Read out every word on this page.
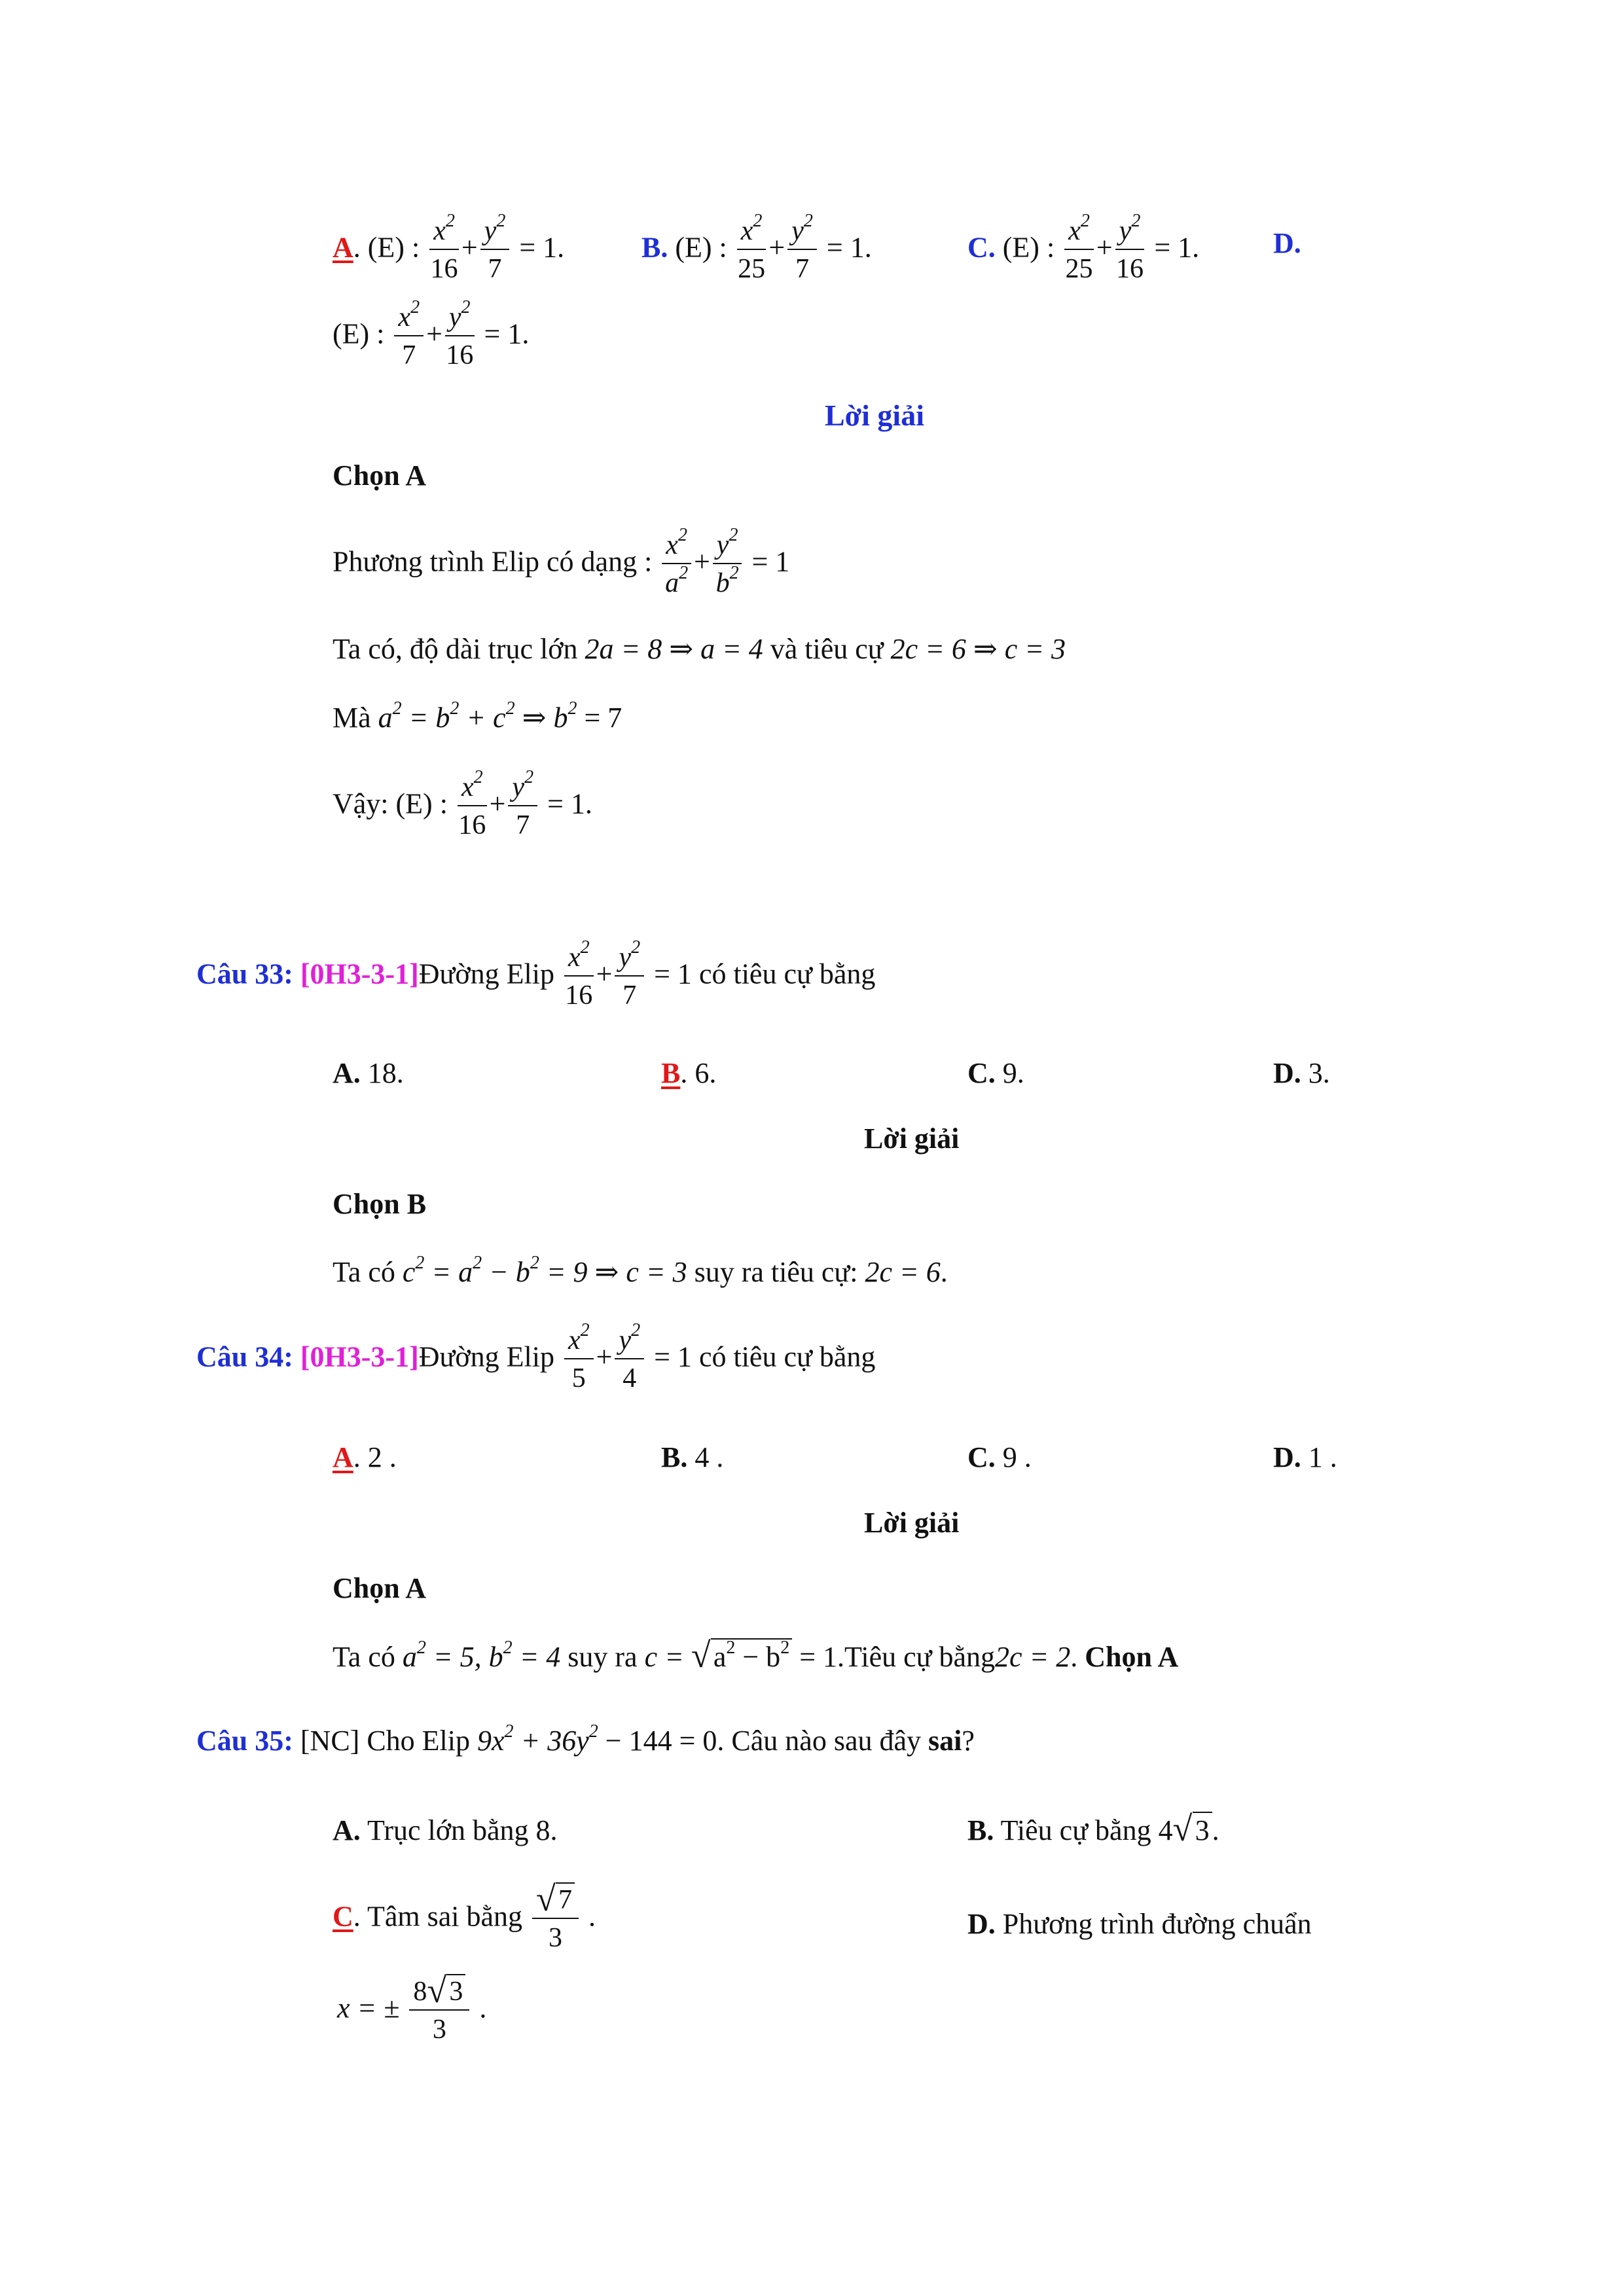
A. (E) : $\frac{x^2}{16} + \frac{y^2}{7} = 1$.	B. (E) : $\frac{x^2}{25} + \frac{y^2}{7} = 1$.	C. (E) : $\frac{x^2}{25} + \frac{y^2}{16} = 1$.	D.
(E) : $\frac{x^2}{7} + \frac{y^2}{16} = 1$.
Lời giải
Chọn A
Phương trình Elip có dạng : $\frac{x^2}{a^2} + \frac{y^2}{b^2} = 1$
Ta có, độ dài trục lớn 2a = 8 ⇒ a = 4 và tiêu cự 2c = 6 ⇒ c = 3
Mà $a^2 = b^2 + c^2$ ⇒ $b^2 = 7$
Vậy: (E) : $\frac{x^2}{16} + \frac{y^2}{7} = 1$.
Câu 33: [0H3-3-1]Đường Elip $\frac{x^2}{16} + \frac{y^2}{7} = 1$ có tiêu cự bằng
A. 18.	B. 6.	C. 9.	D. 3.
Lời giải
Chọn B
Ta có $c^2 = a^2 - b^2 = 9$ ⇒ c = 3 suy ra tiêu cự: 2c = 6.
Câu 34: [0H3-3-1]Đường Elip $\frac{x^2}{5} + \frac{y^2}{4} = 1$ có tiêu cự bằng
A. 2 .	B. 4 .	C. 9 .	D. 1 .
Lời giải
Chọn A
Ta có $a^2 = 5$, $b^2 = 4$ suy ra c = √ $a^2 - b^2$ = 1.Tiêu cự bằng2c = 2. Chọn A
Câu 35: [NC] Cho Elip $9x^2 + 36y^2 - 144 = 0$. Câu nào sau đây sai?
A. Trục lớn bằng 8.	B. Tiêu cự bằng 4 √ 3.
C. Tâm sai bằng $\frac{√ 7}{3}$ .	D. Phương trình đường chuẩn
x = ± $\frac{8 √ 3}{3}$ .
